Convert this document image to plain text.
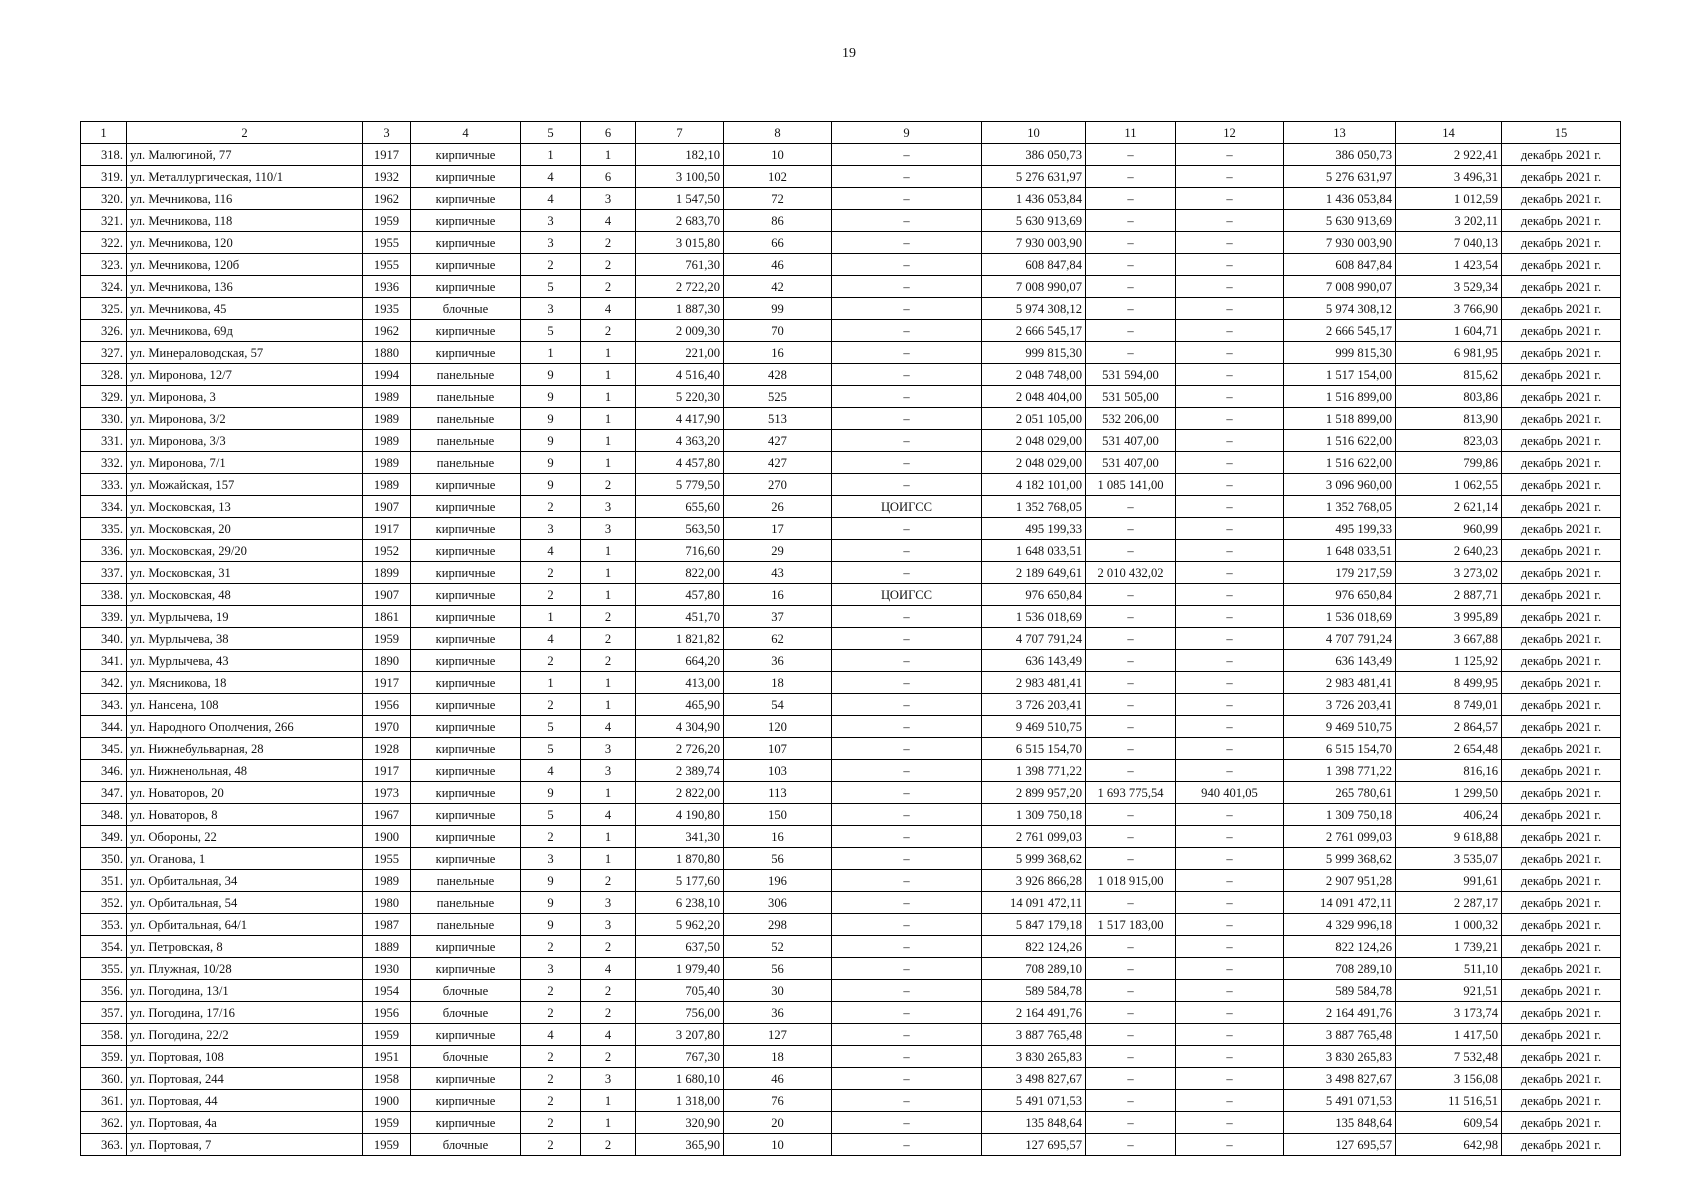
19
1	2	3	4	5	6	7	8	9	10	11	12	13	14	15
318.	ул. Малюгиной, 77	1917	кирпичные	1	1	182,10	10	–	386 050,73	–	–	386 050,73	2 922,41	декабрь 2021 г.
319.	ул. Металлургическая, 110/1	1932	кирпичные	4	6	3 100,50	102	–	5 276 631,97	–	–	5 276 631,97	3 496,31	декабрь 2021 г.
320.	ул. Мечникова, 116	1962	кирпичные	4	3	1 547,50	72	–	1 436 053,84	–	–	1 436 053,84	1 012,59	декабрь 2021 г.
321.	ул. Мечникова, 118	1959	кирпичные	3	4	2 683,70	86	–	5 630 913,69	–	–	5 630 913,69	3 202,11	декабрь 2021 г.
322.	ул. Мечникова, 120	1955	кирпичные	3	2	3 015,80	66	–	7 930 003,90	–	–	7 930 003,90	7 040,13	декабрь 2021 г.
323.	ул. Мечникова, 120б	1955	кирпичные	2	2	761,30	46	–	608 847,84	–	–	608 847,84	1 423,54	декабрь 2021 г.
324.	ул. Мечникова, 136	1936	кирпичные	5	2	2 722,20	42	–	7 008 990,07	–	–	7 008 990,07	3 529,34	декабрь 2021 г.
325.	ул. Мечникова, 45	1935	блочные	3	4	1 887,30	99	–	5 974 308,12	–	–	5 974 308,12	3 766,90	декабрь 2021 г.
326.	ул. Мечникова, 69д	1962	кирпичные	5	2	2 009,30	70	–	2 666 545,17	–	–	2 666 545,17	1 604,71	декабрь 2021 г.
327.	ул. Минераловодская, 57	1880	кирпичные	1	1	221,00	16	–	999 815,30	–	–	999 815,30	6 981,95	декабрь 2021 г.
328.	ул. Миронова, 12/7	1994	панельные	9	1	4 516,40	428	–	2 048 748,00	531 594,00	–	1 517 154,00	815,62	декабрь 2021 г.
329.	ул. Миронова, 3	1989	панельные	9	1	5 220,30	525	–	2 048 404,00	531 505,00	–	1 516 899,00	803,86	декабрь 2021 г.
330.	ул. Миронова, 3/2	1989	панельные	9	1	4 417,90	513	–	2 051 105,00	532 206,00	–	1 518 899,00	813,90	декабрь 2021 г.
331.	ул. Миронова, 3/3	1989	панельные	9	1	4 363,20	427	–	2 048 029,00	531 407,00	–	1 516 622,00	823,03	декабрь 2021 г.
332.	ул. Миронова, 7/1	1989	панельные	9	1	4 457,80	427	–	2 048 029,00	531 407,00	–	1 516 622,00	799,86	декабрь 2021 г.
333.	ул. Можайская, 157	1989	кирпичные	9	2	5 779,50	270	–	4 182 101,00	1 085 141,00	–	3 096 960,00	1 062,55	декабрь 2021 г.
334.	ул. Московская, 13	1907	кирпичные	2	3	655,60	26	ЦОИГСС	1 352 768,05	–	–	1 352 768,05	2 621,14	декабрь 2021 г.
335.	ул. Московская, 20	1917	кирпичные	3	3	563,50	17	–	495 199,33	–	–	495 199,33	960,99	декабрь 2021 г.
336.	ул. Московская, 29/20	1952	кирпичные	4	1	716,60	29	–	1 648 033,51	–	–	1 648 033,51	2 640,23	декабрь 2021 г.
337.	ул. Московская, 31	1899	кирпичные	2	1	822,00	43	–	2 189 649,61	2 010 432,02	–	179 217,59	3 273,02	декабрь 2021 г.
338.	ул. Московская, 48	1907	кирпичные	2	1	457,80	16	ЦОИГСС	976 650,84	–	–	976 650,84	2 887,71	декабрь 2021 г.
339.	ул. Мурлычева, 19	1861	кирпичные	1	2	451,70	37	–	1 536 018,69	–	–	1 536 018,69	3 995,89	декабрь 2021 г.
340.	ул. Мурлычева, 38	1959	кирпичные	4	2	1 821,82	62	–	4 707 791,24	–	–	4 707 791,24	3 667,88	декабрь 2021 г.
341.	ул. Мурлычева, 43	1890	кирпичные	2	2	664,20	36	–	636 143,49	–	–	636 143,49	1 125,92	декабрь 2021 г.
342.	ул. Мясникова, 18	1917	кирпичные	1	1	413,00	18	–	2 983 481,41	–	–	2 983 481,41	8 499,95	декабрь 2021 г.
343.	ул. Нансена, 108	1956	кирпичные	2	1	465,90	54	–	3 726 203,41	–	–	3 726 203,41	8 749,01	декабрь 2021 г.
344.	ул. Народного Ополчения, 266	1970	кирпичные	5	4	4 304,90	120	–	9 469 510,75	–	–	9 469 510,75	2 864,57	декабрь 2021 г.
345.	ул. Нижнебульварная, 28	1928	кирпичные	5	3	2 726,20	107	–	6 515 154,70	–	–	6 515 154,70	2 654,48	декабрь 2021 г.
346.	ул. Нижненольная, 48	1917	кирпичные	4	3	2 389,74	103	–	1 398 771,22	–	–	1 398 771,22	816,16	декабрь 2021 г.
347.	ул. Новаторов, 20	1973	кирпичные	9	1	2 822,00	113	–	2 899 957,20	1 693 775,54	940 401,05	265 780,61	1 299,50	декабрь 2021 г.
348.	ул. Новаторов, 8	1967	кирпичные	5	4	4 190,80	150	–	1 309 750,18	–	–	1 309 750,18	406,24	декабрь 2021 г.
349.	ул. Обороны, 22	1900	кирпичные	2	1	341,30	16	–	2 761 099,03	–	–	2 761 099,03	9 618,88	декабрь 2021 г.
350.	ул. Оганова, 1	1955	кирпичные	3	1	1 870,80	56	–	5 999 368,62	–	–	5 999 368,62	3 535,07	декабрь 2021 г.
351.	ул. Орбитальная, 34	1989	панельные	9	2	5 177,60	196	–	3 926 866,28	1 018 915,00	–	2 907 951,28	991,61	декабрь 2021 г.
352.	ул. Орбитальная, 54	1980	панельные	9	3	6 238,10	306	–	14 091 472,11	–	–	14 091 472,11	2 287,17	декабрь 2021 г.
353.	ул. Орбитальная, 64/1	1987	панельные	9	3	5 962,20	298	–	5 847 179,18	1 517 183,00	–	4 329 996,18	1 000,32	декабрь 2021 г.
354.	ул. Петровская, 8	1889	кирпичные	2	2	637,50	52	–	822 124,26	–	–	822 124,26	1 739,21	декабрь 2021 г.
355.	ул. Плужная, 10/28	1930	кирпичные	3	4	1 979,40	56	–	708 289,10	–	–	708 289,10	511,10	декабрь 2021 г.
356.	ул. Погодина, 13/1	1954	блочные	2	2	705,40	30	–	589 584,78	–	–	589 584,78	921,51	декабрь 2021 г.
357.	ул. Погодина, 17/16	1956	блочные	2	2	756,00	36	–	2 164 491,76	–	–	2 164 491,76	3 173,74	декабрь 2021 г.
358.	ул. Погодина, 22/2	1959	кирпичные	4	4	3 207,80	127	–	3 887 765,48	–	–	3 887 765,48	1 417,50	декабрь 2021 г.
359.	ул. Портовая, 108	1951	блочные	2	2	767,30	18	–	3 830 265,83	–	–	3 830 265,83	7 532,48	декабрь 2021 г.
360.	ул. Портовая, 244	1958	кирпичные	2	3	1 680,10	46	–	3 498 827,67	–	–	3 498 827,67	3 156,08	декабрь 2021 г.
361.	ул. Портовая, 44	1900	кирпичные	2	1	1 318,00	76	–	5 491 071,53	–	–	5 491 071,53	11 516,51	декабрь 2021 г.
362.	ул. Портовая, 4а	1959	кирпичные	2	1	320,90	20	–	135 848,64	–	–	135 848,64	609,54	декабрь 2021 г.
363.	ул. Портовая, 7	1959	блочные	2	2	365,90	10	–	127 695,57	–	–	127 695,57	642,98	декабрь 2021 г.
